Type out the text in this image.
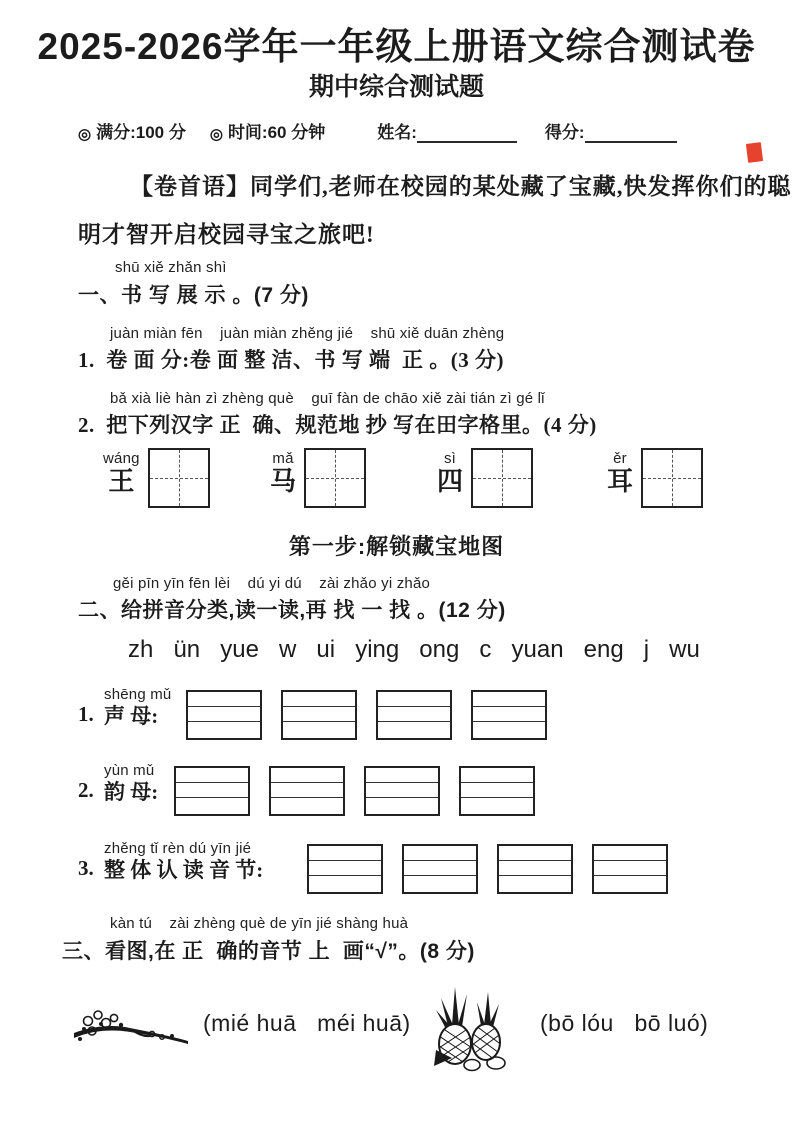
2025-2026学年一年级上册语文综合测试卷
期中综合测试题
◎ 满分:100 分 ◎ 时间:60 分钟	姓名:	得分:
【卷首语】同学们,老师在校园的某处藏了宝藏,快发挥你们的聪
明才智开启校园寻宝之旅吧!
shū xiě zhǎn shì
一、书 写 展 示 。(7 分)
juàn miàn fēn    juàn miàn zhěng jié    shū xiě duān zhèng
1. 卷 面 分:卷 面 整 洁、书 写 端  正 。(3 分)
bǎ xià liè hàn zì zhèng què    guī fàn de chāo xiě zài tián zì gé lǐ
2. 把下列汉字 正  确、规范地 抄 写在田字格里。(4 分)
wáng
王
mǎ
马
sì
四
ěr
耳
第一步:解锁藏宝地图
gěi pīn yīn fēn lèi    dú yi dú    zài zhǎo yi zhǎo
二、给拼音分类,读一读,再 找 一 找 。(12 分)
zh ün yue w ui ying ong c yuan eng j wu
1.
shēng mǔ
声 母:
2.
yùn mǔ
韵 母:
3.
zhěng tǐ rèn dú yīn jié
整 体 认 读 音 节:
kàn tú    zài zhèng què de yīn jié shàng huà
三、看图,在 正  确的音节 上  画“√”。(8 分)
(mié huā   méi huā)	(bō lóu   bō luó)
